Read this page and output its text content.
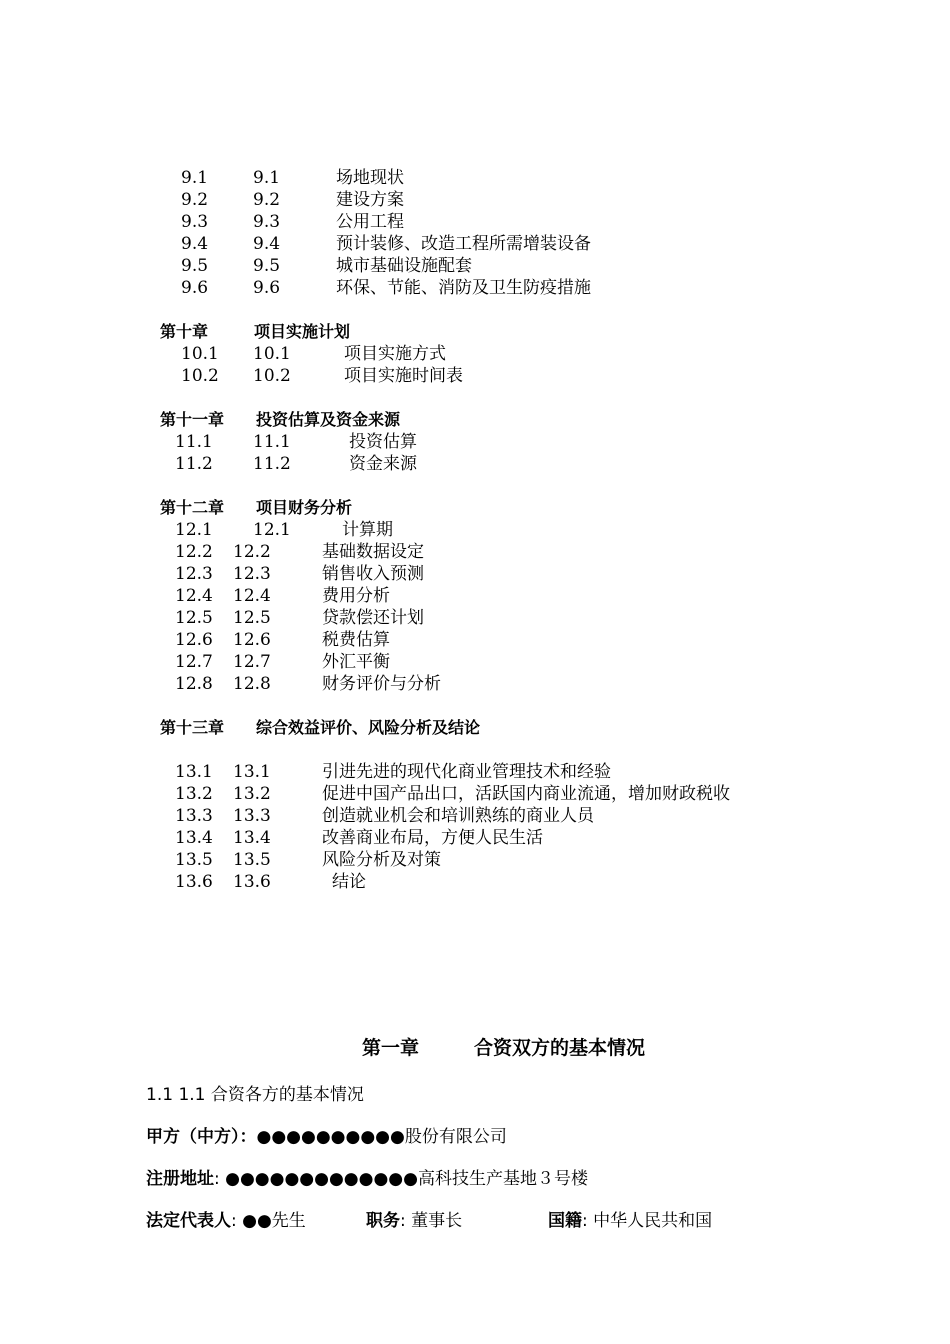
9.1	9.1	场地现状
9.2	9.2	建设方案
9.3	9.3	公用工程
9.4	9.4	预计装修、改造工程所需增装设备
9.5	9.5	城市基础设施配套
9.6	9.6	环保、节能、消防及卫生防疫措施
第十章	项目实施计划
10.1 10.1	项目实施方式
10.2 10.2	项目实施时间表
第十一章 投资估算及资金来源
11.1 11.1	投资估算
11.2 11.2	资金来源
第十二章 项目财务分析
12.1 12.1	计算期
12.2 12.2	基础数据设定
12.3 12.3	销售收入预测
12.4 12.4	费用分析
12.5 12.5	贷款偿还计划
12.6 12.6	税费估算
12.7 12.7	外汇平衡
12.8 12.8	财务评价与分析
第十三章 综合效益评价、风险分析及结论
13.1 13.1	引进先进的现代化商业管理技术和经验
13.2 13.2	促进中国产品出口，活跃国内商业流通，增加财政税收
13.3 13.3	创造就业机会和培训熟练的商业人员
13.4 13.4	改善商业布局，方便人民生活
13.5 13.5	风险分析及对策
13.6 13.6	结论
第一章	合资双方的基本情况
1.1 1.1 合资各方的基本情况
甲方（中方）：●●●●●●●●●●股份有限公司
注册地址: ●●●●●●●●●●●●●高科技生产基地３号楼
法定代表人: ●●先生	职务: 董事长	国籍: 中华人民共和国
